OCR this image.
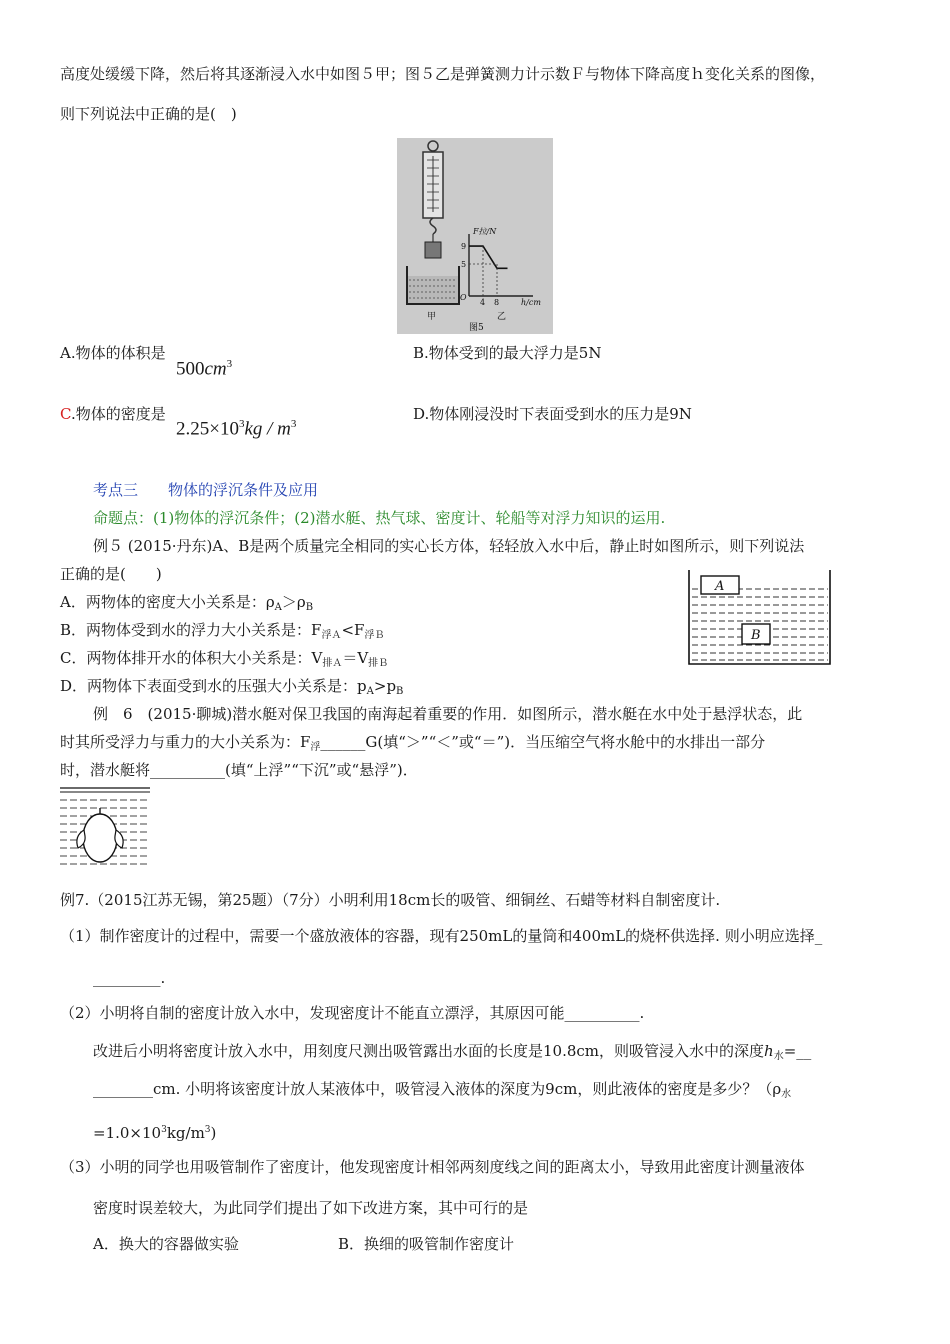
高度处缓缓下降，然后将其逐渐浸入水中如图５甲；图５乙是弹簧测力计示数Ｆ与物体下降高度ｈ变化关系的图像，
则下列说法中正确的是(　)
F拉/N
9
5
O
4 8	h/cm
甲	乙
图5
A.物体的体积是
$500cm^3$
B.物体受到的最大浮力是5N
C.物体的密度是
$2.25\times 10^3kg / m^3$
D.物体刚浸没时下表面受到水的压力是9N
考点三　　物体的浮沉条件及应用
命题点：(1)物体的浮沉条件；(2)潜水艇、热气球、密度计、轮船等对浮力知识的运用.
例５ (2015·丹东)A、B是两个质量完全相同的实心长方体，轻轻放入水中后，静止时如图所示，则下列说法
正确的是(　　)
A
B
A．两物体的密度大小关系是：$\rho_A>\rho_B$
B．两物体受到水的浮力大小关系是：$F_{浮A}<F_{浮B}$
C．两物体排开水的体积大小关系是：$V_{排A}=V_{排B}$
D．两物体下表面受到水的压强大小关系是：$p_A>p_B$
例　6　(2015·聊城)潜水艇对保卫我国的南海起着重要的作用．如图所示，潜水艇在水中处于悬浮状态，此
时其所受浮力与重力的大小关系为：$F_浮\_\_\_\_\_\_G$(填“＞”“＜”或“＝”)．当压缩空气将水舱中的水排出一部分
时，潜水艇将__________(填“上浮”“下沉”或“悬浮”)．
例7.（2015江苏无锡，第25题）（7分）小明利用18cm长的吸管、细铜丝、石蜡等材料自制密度计.
（1）制作密度计的过程中，需要一个盛放液体的容器，现有250mL的量筒和400mL的烧杯供选择. 则小明应选择_
_________.
（2）小明将自制的密度计放入水中，发现密度计不能直立漂浮，其原因可能__________.
改进后小明将密度计放入水中，用刻度尺测出吸管露出水面的长度是10.8cm，则吸管浸入水中的深度$h_水=\_\_$
________cm. 小明将该密度计放人某液体中，吸管浸入液体的深度为9cm，则此液体的密度是多少？（$\rho_水$
$=1.0\times 10^3kg/m^3$)
（3）小明的同学也用吸管制作了密度计，他发现密度计相邻两刻度线之间的距离太小，导致用此密度计测量液体
密度时误差较大，为此同学们提出了如下改进方案，其中可行的是
A．换大的容器做实验	B．换细的吸管制作密度计
